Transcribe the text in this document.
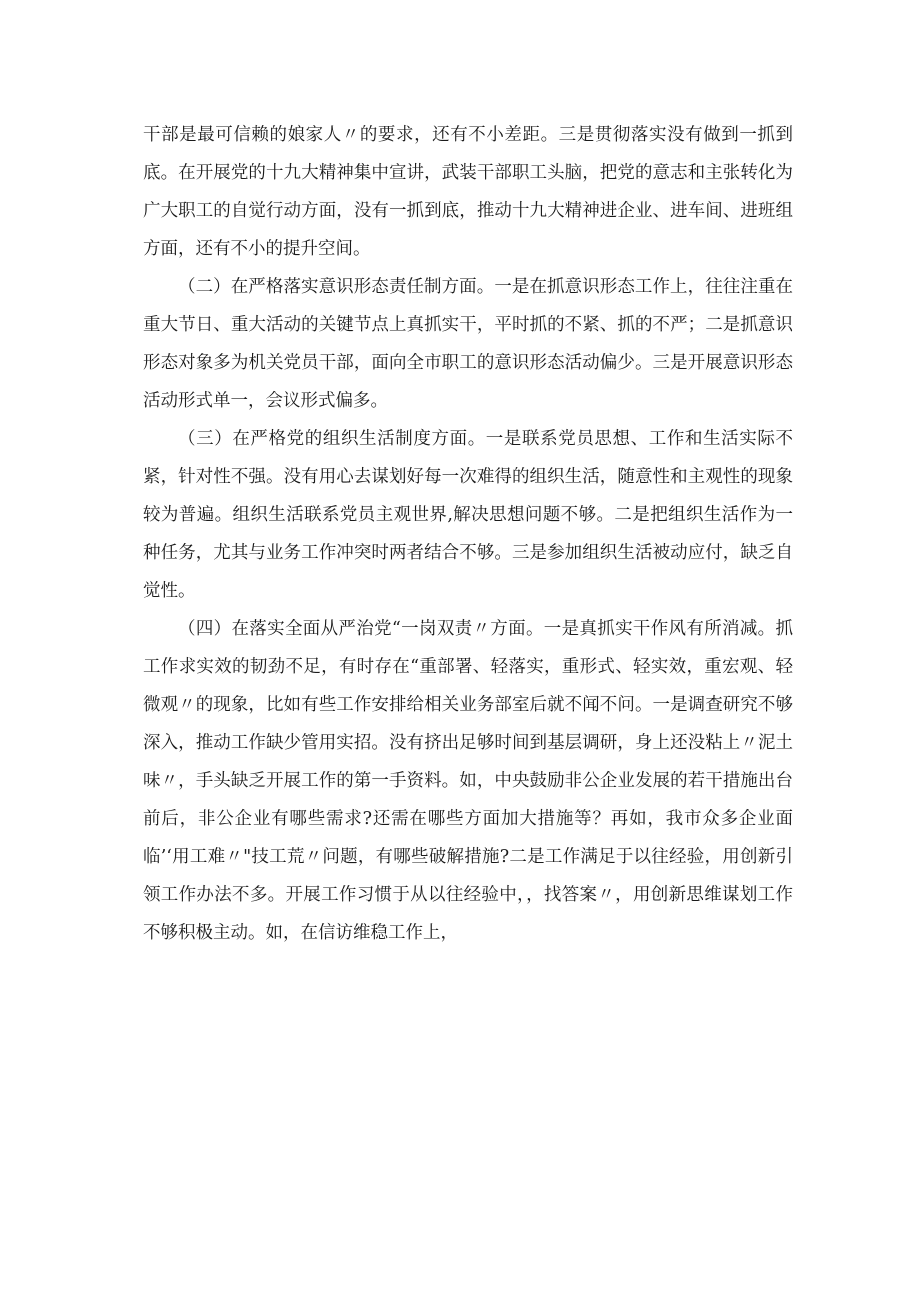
干部是最可信赖的娘家人〃的要求，还有不小差距。三是贯彻落实没有做到一抓到底。在开展党的十九大精神集中宣讲，武装干部职工头脑，把党的意志和主张转化为广大职工的自觉行动方面，没有一抓到底，推动十九大精神进企业、进车间、进班组方面，还有不小的提升空间。

（二）在严格落实意识形态责任制方面。一是在抓意识形态工作上，往往注重在重大节日、重大活动的关键节点上真抓实干，平时抓的不紧、抓的不严；二是抓意识形态对象多为机关党员干部，面向全市职工的意识形态活动偏少。三是开展意识形态活动形式单一，会议形式偏多。

（三）在严格党的组织生活制度方面。一是联系党员思想、工作和生活实际不紧，针对性不强。没有用心去谋划好每一次难得的组织生活，随意性和主观性的现象较为普遍。组织生活联系党员主观世界,解决思想问题不够。二是把组织生活作为一种任务，尤其与业务工作冲突时两者结合不够。三是参加组织生活被动应付，缺乏自觉性。

（四）在落实全面从严治党“一岗双责〃方面。一是真抓实干作风有所消减。抓工作求实效的韧劲不足，有时存在“重部署、轻落实，重形式、轻实效，重宏观、轻微观〃的现象，比如有些工作安排给相关业务部室后就不闻不问。一是调查研究不够深入，推动工作缺少管用实招。没有挤出足够时间到基层调研，身上还没粘上〃泥土味〃，手头缺乏开展工作的第一手资料。如，中央鼓励非公企业发展的若干措施出台前后，非公企业有哪些需求?还需在哪些方面加大措施等？再如，我市众多企业面临’‘用工难〃"技工荒〃问题，有哪些破解措施?二是工作满足于以往经验，用创新引领工作办法不多。开展工作习惯于从以往经验中，，找答案〃，用创新思维谋划工作不够积极主动。如，在信访维稳工作上，
